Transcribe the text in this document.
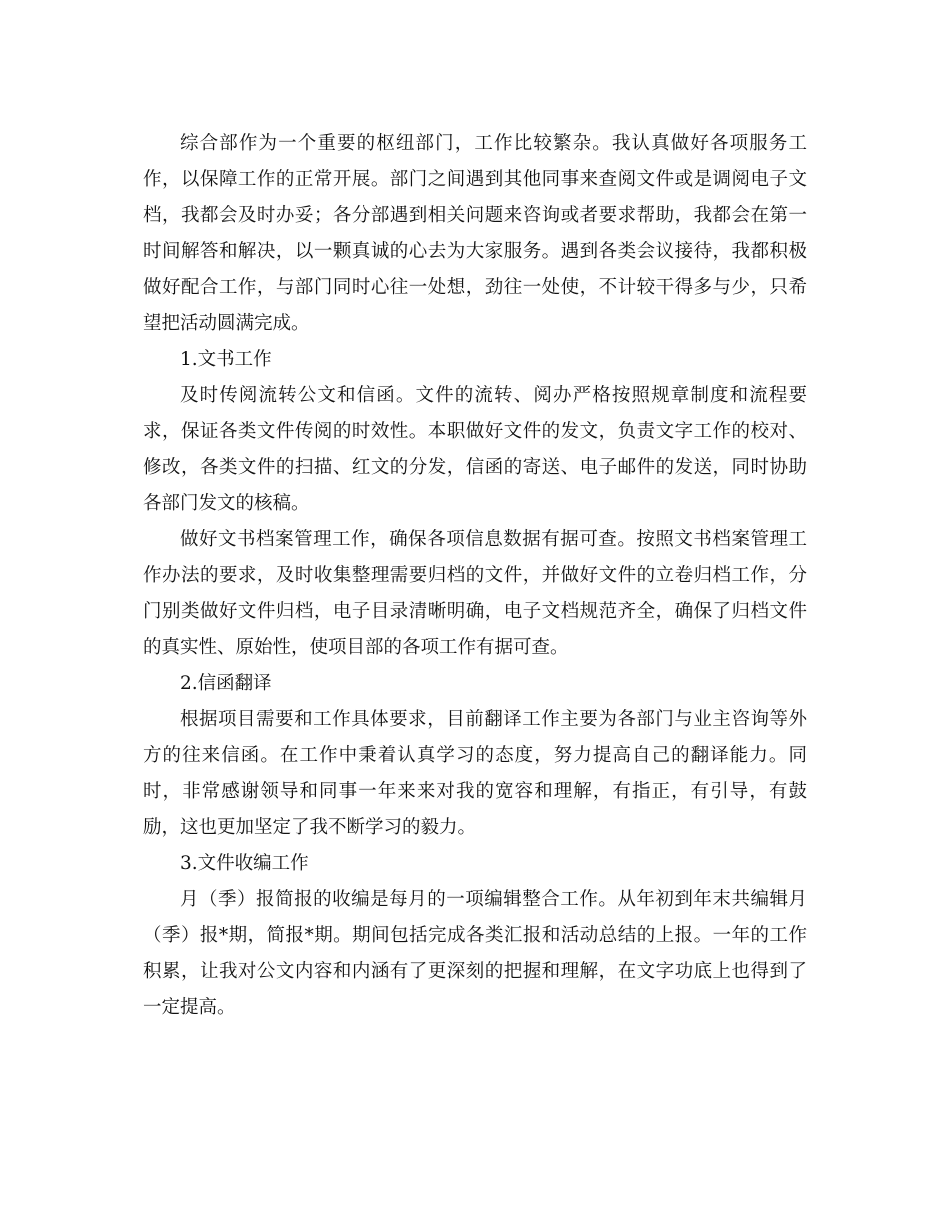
综合部作为一个重要的枢纽部门，工作比较繁杂。我认真做好各项服务工作，以保障工作的正常开展。部门之间遇到其他同事来查阅文件或是调阅电子文档，我都会及时办妥；各分部遇到相关问题来咨询或者要求帮助，我都会在第一时间解答和解决，以一颗真诚的心去为大家服务。遇到各类会议接待，我都积极做好配合工作，与部门同时心往一处想，劲往一处使，不计较干得多与少，只希望把活动圆满完成。

1.文书工作

及时传阅流转公文和信函。文件的流转、阅办严格按照规章制度和流程要求，保证各类文件传阅的时效性。本职做好文件的发文，负责文字工作的校对、修改，各类文件的扫描、红文的分发，信函的寄送、电子邮件的发送，同时协助各部门发文的核稿。

做好文书档案管理工作，确保各项信息数据有据可查。按照文书档案管理工作办法的要求，及时收集整理需要归档的文件，并做好文件的立卷归档工作，分门别类做好文件归档，电子目录清晰明确，电子文档规范齐全，确保了归档文件的真实性、原始性，使项目部的各项工作有据可查。

2.信函翻译

根据项目需要和工作具体要求，目前翻译工作主要为各部门与业主咨询等外方的往来信函。在工作中秉着认真学习的态度，努力提高自己的翻译能力。同时，非常感谢领导和同事一年来来对我的宽容和理解，有指正，有引导，有鼓励，这也更加坚定了我不断学习的毅力。

3.文件收编工作

月（季）报简报的收编是每月的一项编辑整合工作。从年初到年末共编辑月（季）报*期，简报*期。期间包括完成各类汇报和活动总结的上报。一年的工作积累，让我对公文内容和内涵有了更深刻的把握和理解，在文字功底上也得到了一定提高。
